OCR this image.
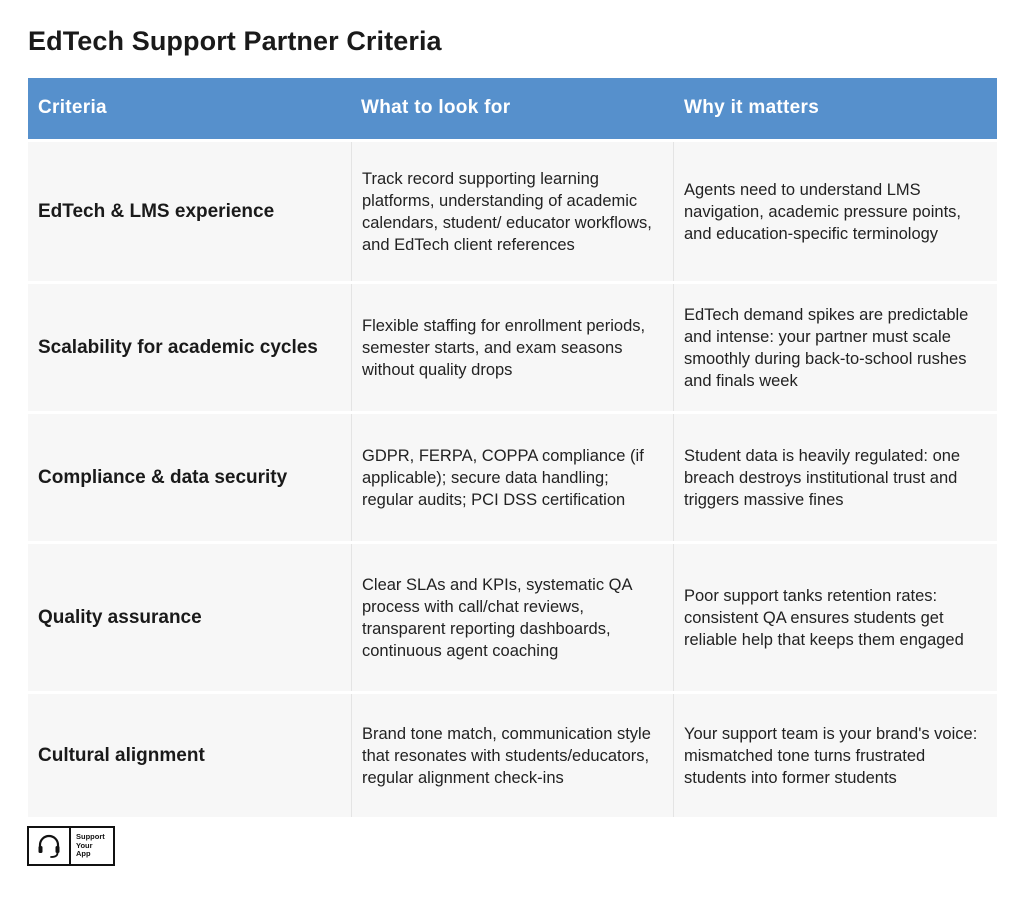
EdTech Support Partner Criteria
Criteria	What to look for	Why it matters
EdTech & LMS experience
Track record supporting learning platforms, understanding of academic calendars, student/ educator workflows, and EdTech client references
Agents need to understand LMS navigation, academic pressure points, and education-specific terminology
Scalability for academic cycles
Flexible staffing for enrollment periods, semester starts, and exam seasons without quality drops
EdTech demand spikes are predictable and intense: your partner must scale smoothly during back-to-school rushes and finals week
Compliance & data security
GDPR, FERPA, COPPA compliance (if applicable); secure data handling; regular audits; PCI DSS certification
Student data is heavily regulated: one breach destroys institutional trust and triggers massive fines
Quality assurance
Clear SLAs and KPIs, systematic QA process with call/chat reviews, transparent reporting dashboards, continuous agent coaching
Poor support tanks retention rates: consistent QA ensures students get reliable help that keeps them engaged
Cultural alignment
Brand tone match, communication style that resonates with students/educators, regular alignment check-ins
Your support team is your brand's voice: mismatched tone turns frustrated students into former students
Support
Your
App
